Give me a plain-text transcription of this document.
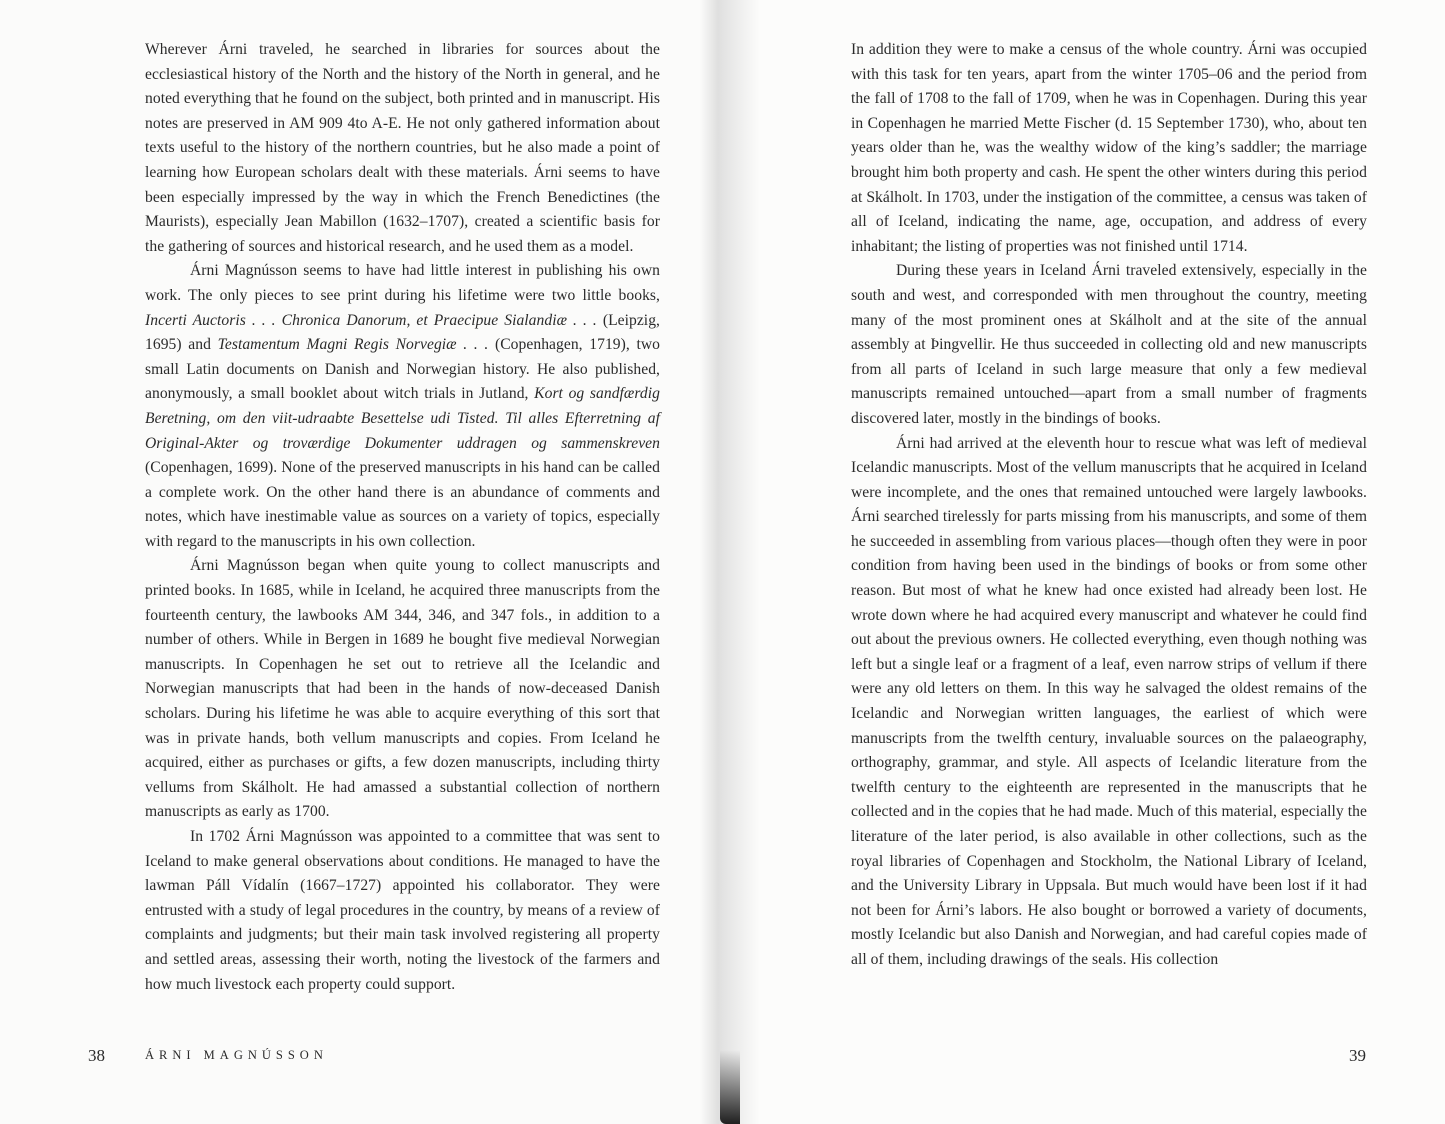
Wherever Árni traveled, he searched in libraries for sources about the ecclesiastical history of the North and the history of the North in general, and he noted everything that he found on the subject, both printed and in manuscript. His notes are preserved in AM 909 4to A-E. He not only gathered information about texts useful to the history of the northern countries, but he also made a point of learning how European scholars dealt with these materials. Árni seems to have been especially impressed by the way in which the French Benedictines (the Maurists), especially Jean Mabillon (1632–1707), created a scientific basis for the gathering of sources and historical research, and he used them as a model.

Árni Magnússon seems to have had little interest in publishing his own work. The only pieces to see print during his lifetime were two little books, Incerti Auctoris . . . Chronica Danorum, et Praecipue Sialandiæ . . . (Leipzig, 1695) and Testamentum Magni Regis Norvegiæ . . . (Copenhagen, 1719), two small Latin documents on Danish and Norwegian history. He also published, anonymously, a small booklet about witch trials in Jutland, Kort og sandfærdig Beretning, om den viit-udraabte Besettelse udi Tisted. Til alles Efterretning af Original-Akter og troværdige Dokumenter uddragen og sammenskreven (Copenhagen, 1699). None of the preserved manuscripts in his hand can be called a complete work. On the other hand there is an abundance of comments and notes, which have inestimable value as sources on a variety of topics, especially with regard to the manuscripts in his own collection.

Árni Magnússon began when quite young to collect manuscripts and printed books. In 1685, while in Iceland, he acquired three manuscripts from the fourteenth century, the lawbooks AM 344, 346, and 347 fols., in addition to a number of others. While in Bergen in 1689 he bought five medieval Norwegian manuscripts. In Copenhagen he set out to retrieve all the Icelandic and Norwegian manuscripts that had been in the hands of now-deceased Danish scholars. During his lifetime he was able to acquire everything of this sort that was in private hands, both vellum manuscripts and copies. From Iceland he acquired, either as purchases or gifts, a few dozen manuscripts, including thirty vellums from Skálholt. He had amassed a substantial collection of northern manuscripts as early as 1700.

In 1702 Árni Magnússon was appointed to a committee that was sent to Iceland to make general observations about conditions. He managed to have the lawman Páll Vídalín (1667–1727) appointed his collaborator. They were entrusted with a study of legal procedures in the country, by means of a review of complaints and judgments; but their main task involved registering all property and settled areas, assessing their worth, noting the livestock of the farmers and how much livestock each property could support.

38	ÁRNI MAGNÚSSON

In addition they were to make a census of the whole country. Árni was occupied with this task for ten years, apart from the winter 1705–06 and the period from the fall of 1708 to the fall of 1709, when he was in Copenhagen. During this year in Copenhagen he married Mette Fischer (d. 15 September 1730), who, about ten years older than he, was the wealthy widow of the king’s saddler; the marriage brought him both property and cash. He spent the other winters during this period at Skálholt. In 1703, under the instigation of the committee, a census was taken of all of Iceland, indicating the name, age, occupation, and address of every inhabitant; the listing of properties was not finished until 1714.

During these years in Iceland Árni traveled extensively, especially in the south and west, and corresponded with men throughout the country, meeting many of the most prominent ones at Skálholt and at the site of the annual assembly at Þingvellir. He thus succeeded in collecting old and new manuscripts from all parts of Iceland in such large measure that only a few medieval manuscripts remained untouched—apart from a small number of fragments discovered later, mostly in the bindings of books.

Árni had arrived at the eleventh hour to rescue what was left of medieval Icelandic manuscripts. Most of the vellum manuscripts that he acquired in Iceland were incomplete, and the ones that remained untouched were largely lawbooks. Árni searched tirelessly for parts missing from his manuscripts, and some of them he succeeded in assembling from various places—though often they were in poor condition from having been used in the bindings of books or from some other reason. But most of what he knew had once existed had already been lost. He wrote down where he had acquired every manuscript and whatever he could find out about the previous owners. He collected everything, even though nothing was left but a single leaf or a fragment of a leaf, even narrow strips of vellum if there were any old letters on them. In this way he salvaged the oldest remains of the Icelandic and Norwegian written languages, the earliest of which were manuscripts from the twelfth century, invaluable sources on the palaeography, orthography, grammar, and style. All aspects of Icelandic literature from the twelfth century to the eighteenth are represented in the manuscripts that he collected and in the copies that he had made. Much of this material, especially the literature of the later period, is also available in other collections, such as the royal libraries of Copenhagen and Stockholm, the National Library of Iceland, and the University Library in Uppsala. But much would have been lost if it had not been for Árni’s labors. He also bought or borrowed a variety of documents, mostly Icelandic but also Danish and Norwegian, and had careful copies made of all of them, including drawings of the seals. His collection

39
